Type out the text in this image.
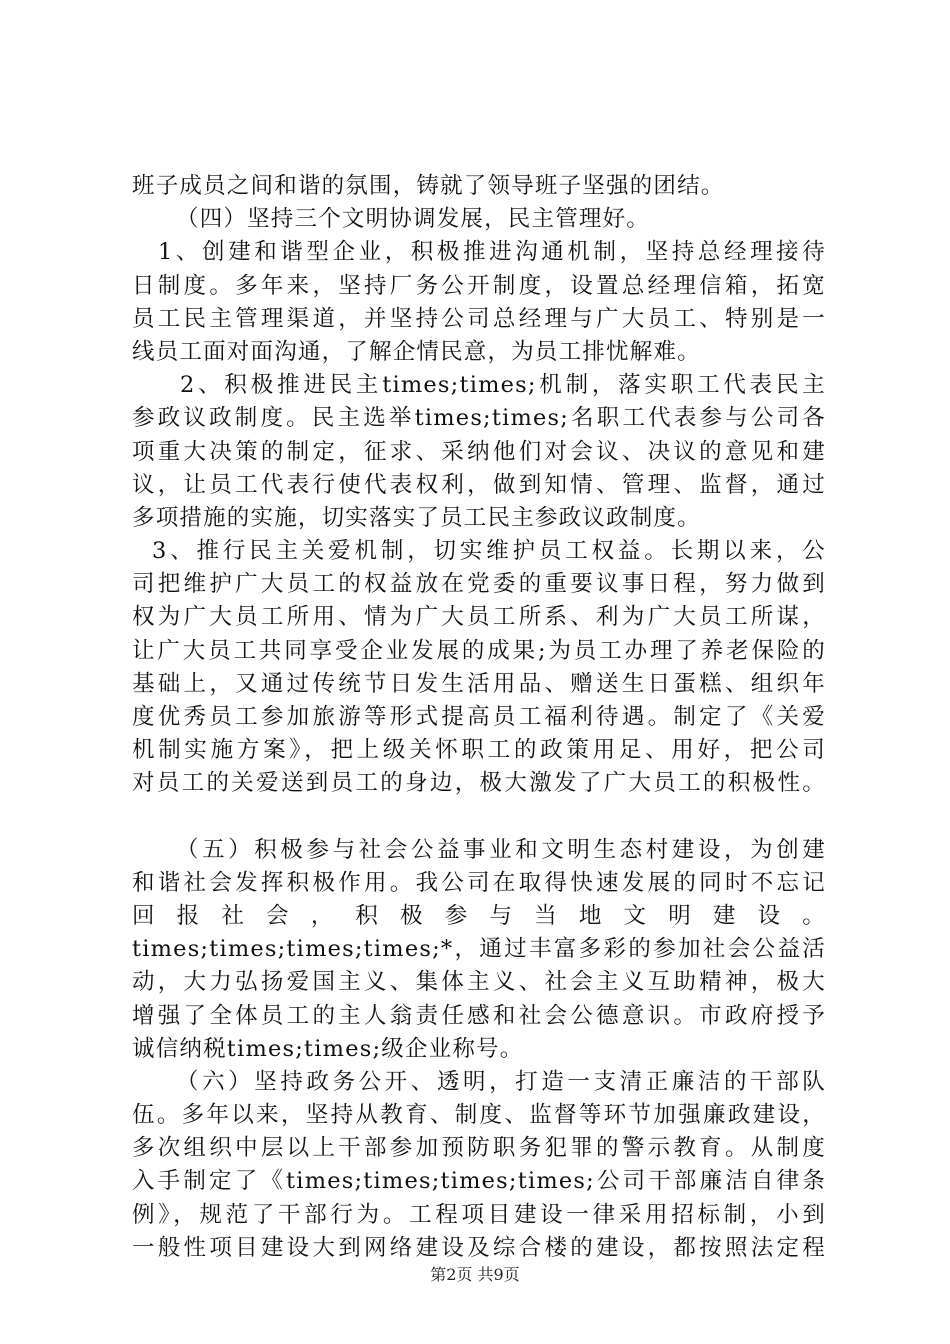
班子成员之间和谐的氛围，铸就了领导班子坚强的团结。
（四）坚持三个文明协调发展，民主管理好。
1、创建和谐型企业，积极推进沟通机制，坚持总经理接待
日制度。多年来，坚持厂务公开制度，设置总经理信箱，拓宽
员工民主管理渠道，并坚持公司总经理与广大员工、特别是一
线员工面对面沟通，了解企情民意，为员工排忧解难。
2、积极推进民主times;times;机制，落实职工代表民主
参政议政制度。民主选举times;times;名职工代表参与公司各
项重大决策的制定，征求、采纳他们对会议、决议的意见和建
议，让员工代表行使代表权利，做到知情、管理、监督，通过
多项措施的实施，切实落实了员工民主参政议政制度。
3、推行民主关爱机制，切实维护员工权益。长期以来，公
司把维护广大员工的权益放在党委的重要议事日程，努力做到
权为广大员工所用、情为广大员工所系、利为广大员工所谋，
让广大员工共同享受企业发展的成果;为员工办理了养老保险的
基础上，又通过传统节日发生活用品、赠送生日蛋糕、组织年
度优秀员工参加旅游等形式提高员工福利待遇。制定了《关爱
机制实施方案》，把上级关怀职工的政策用足、用好，把公司
对员工的关爱送到员工的身边，极大激发了广大员工的积极性。
（五）积极参与社会公益事业和文明生态村建设，为创建
和谐社会发挥积极作用。我公司在取得快速发展的同时不忘记
回 报 社 会 ， 积 极 参 与 当 地 文 明 建 设 。
times;times;times;times;*，通过丰富多彩的参加社会公益活
动，大力弘扬爱国主义、集体主义、社会主义互助精神，极大
增强了全体员工的主人翁责任感和社会公德意识。市政府授予
诚信纳税times;times;级企业称号。
（六）坚持政务公开、透明，打造一支清正廉洁的干部队
伍。多年以来，坚持从教育、制度、监督等环节加强廉政建设，
多次组织中层以上干部参加预防职务犯罪的警示教育。从制度
入手制定了《times;times;times;times;公司干部廉洁自律条
例》，规范了干部行为。工程项目建设一律采用招标制，小到
一般性项目建设大到网络建设及综合楼的建设，都按照法定程
第2页 共9页
